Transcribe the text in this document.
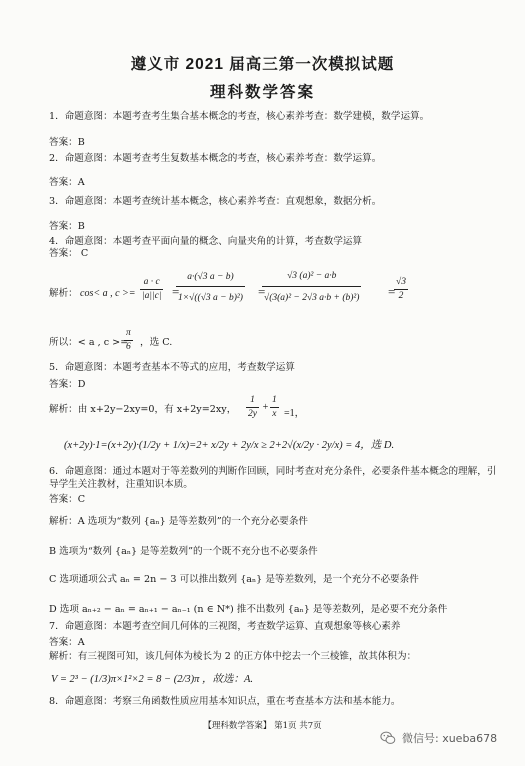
遵义市 2021 届高三第一次模拟试题
理科数学答案
1．命题意图：本题考查考生集合基本概念的考查，核心素养考查：数学建模，数学运算。
答案：B
2．命题意图：本题考查考生复数基本概念的考查，核心素养考查：数学运算。
答案：A
3．命题意图：本题考查统计基本概念，核心素养考查：直观想象，数据分析。
答案：B
4．命题意图：本题考查平面向量的概念、向量夹角的计算，考查数学运算
答案： C
解析： cos< a , $c >= \frac{a \cdot c}{|a||c|}$ =
$\frac{a\cdot(√3 a - b)}{\text{1×√((√3 a − b)²)}}$ =
$\frac{\text{√3 (a)² − a·b}}{\text{√(3(a)² − 2√3 a·b + (b)²)}}$ =
$\frac{√3}{2}$
所以：< a , c >=
$\frac{\pi}{6}$ ，选 C.
5．命题意图：本题考查基本不等式的应用，考查数学运算
答案：D
解析：由 x+2y−2xy=0，有 x+2y=2xy， $\frac{1}{2y} + \frac{1}{x} =1$，
(x+2y)·1=(x+2y)·(1/2y + 1/x)=2+ x/2y + 2y/x ≥ 2+2√(x/2y · 2y/x) = 4，选 D.
6．命题意图：通过本题对于等差数列的判断作回顾，同时考查对充分条件，必要条件基本概念的理解，引
导学生关注教材，注重知识本质。
答案：C
解析：A 选项为“数列 {aₙ} 是等差数列”的一个充分必要条件
B 选项为“数列 {aₙ} 是等差数列”的一个既不充分也不必要条件
C 选项通项公式 aₙ = 2n − 3 可以推出数列 {aₙ} 是等差数列，是一个充分不必要条件
D 选项 aₙ₊₂ − aₙ = aₙ₊₁ − aₙ₋₁ (n ∈ N*) 推不出数列 {aₙ} 是等差数列，是必要不充分条件
7．命题意图：本题考查空间几何体的三视图，考查数学运算、直观想象等核心素养
答案：A
解析：有三视图可知，该几何体为棱长为 2 的正方体中挖去一个三棱锥，故其体积为：
V = 2³ − (1/3)π×1²×2 = 8 − (2/3)π ，故选：A.
8．命题意图：考察三角函数性质应用基本知识点，重在考查基本方法和基本能力。
【理科数学答案】 第1页 共7页
微信号: xueba678
